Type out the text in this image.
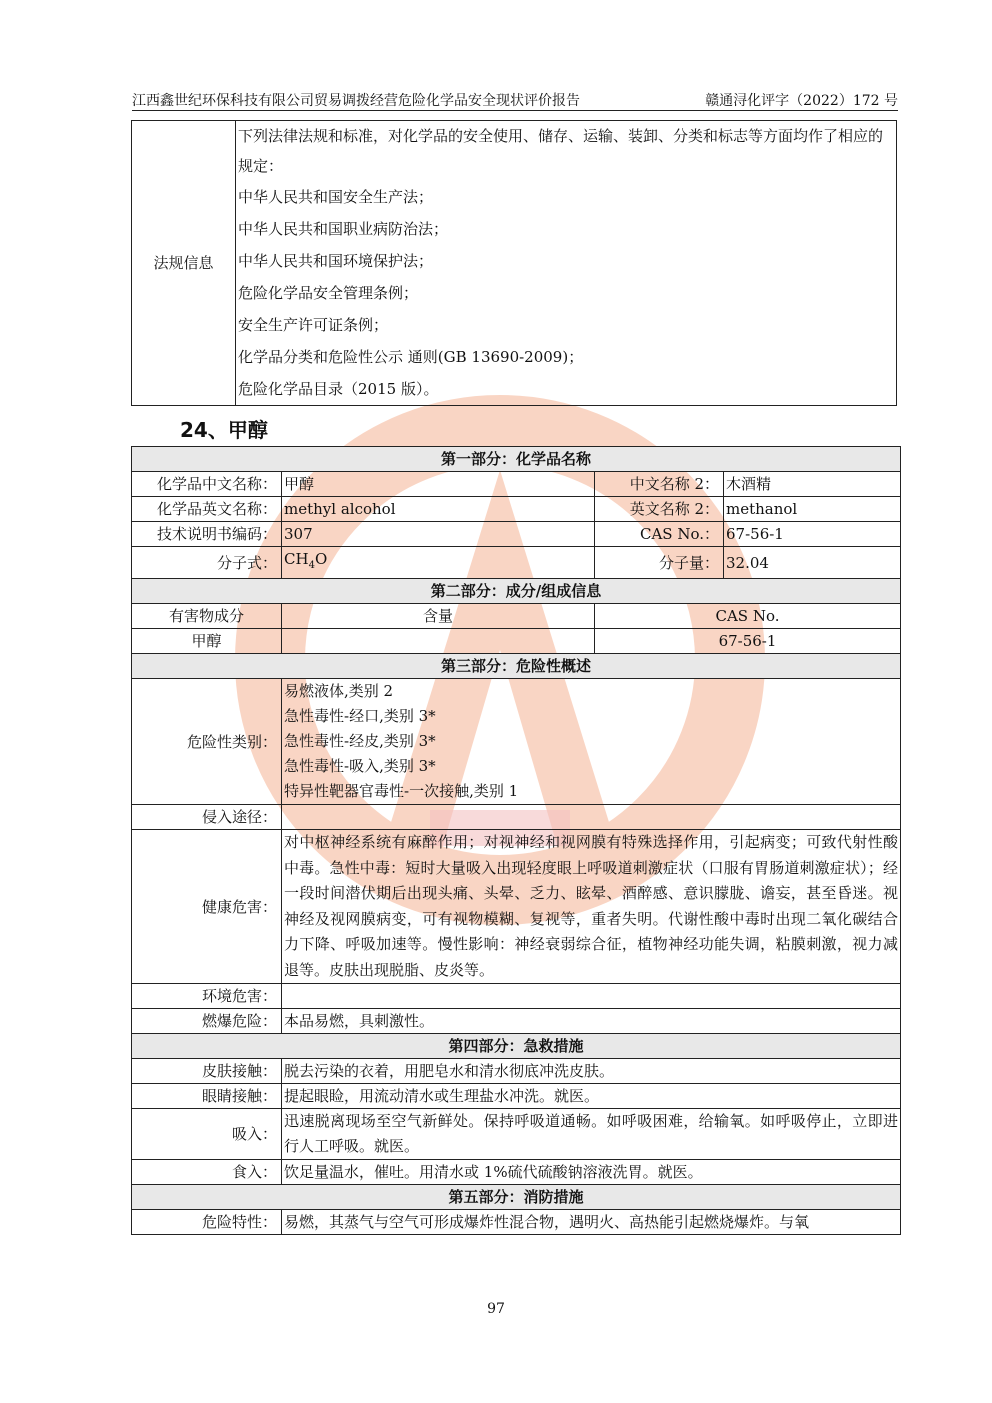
江西鑫世纪环保科技有限公司贸易调拨经营危险化学品安全现状评价报告	赣通浔化评字（2022）172 号
法规信息	
下列法律法规和标准，对化学品的安全使用、储存、运输、装卸、分类和标志等方面均作了相应的规定：
中华人民共和国安全生产法；
中华人民共和国职业病防治法；
中华人民共和国环境保护法；
危险化学品安全管理条例；
安全生产许可证条例；
化学品分类和危险性公示 通则(GB 13690-2009)；
危险化学品目录（2015 版）。
24、甲醇
第一部分：化学品名称			
化学品中文名称：	甲醇	中文名称 2：	木酒精
化学品英文名称：	methyl alcohol	英文名称 2：	methanol
技术说明书编码：	307	CAS No.：	67-56-1
分子式：	$CH_4O$	分子量：	32.04
第二部分：成分/组成信息			
有害物成分	含量	CAS No.	
甲醇		67-56-1	
第三部分：危险性概述			
危险性类别：	易燃液体,类别 2
急性毒性-经口,类别 3*
急性毒性-经皮,类别 3*
急性毒性-吸入,类别 3*
特异性靶器官毒性-一次接触,类别 1		

侵入途径：			
健康危害：	对中枢神经系统有麻醉作用；对视神经和视网膜有特殊选择作用，引起病变；可致代射性酸中毒。急性中毒：短时大量吸入出现轻度眼上呼吸道刺激症状（口服有胃肠道刺激症状）；经一段时间潜伏期后出现头痛、头晕、乏力、眩晕、酒醉感、意识朦胧、谵妄，甚至昏迷。视神经及视网膜病变，可有视物模糊、复视等，重者失明。代谢性酸中毒时出现二氧化碳结合力下降、呼吸加速等。慢性影响：神经衰弱综合征，植物神经功能失调，粘膜刺激，视力减退等。皮肤出现脱脂、皮炎等。		
环境危害：			
燃爆危险：	本品易燃，具刺激性。		
第四部分：急救措施			
皮肤接触：	脱去污染的衣着，用肥皂水和清水彻底冲洗皮肤。		
眼睛接触：	提起眼睑，用流动清水或生理盐水冲洗。就医。		
吸入：	迅速脱离现场至空气新鲜处。保持呼吸道通畅。如呼吸困难，给输氧。如呼吸停止，立即进行人工呼吸。就医。		
食入：	饮足量温水，催吐。用清水或 1%硫代硫酸钠溶液洗胃。就医。		
第五部分：消防措施			
危险特性：	易燃，其蒸气与空气可形成爆炸性混合物，遇明火、高热能引起燃烧爆炸。与氧		
97
